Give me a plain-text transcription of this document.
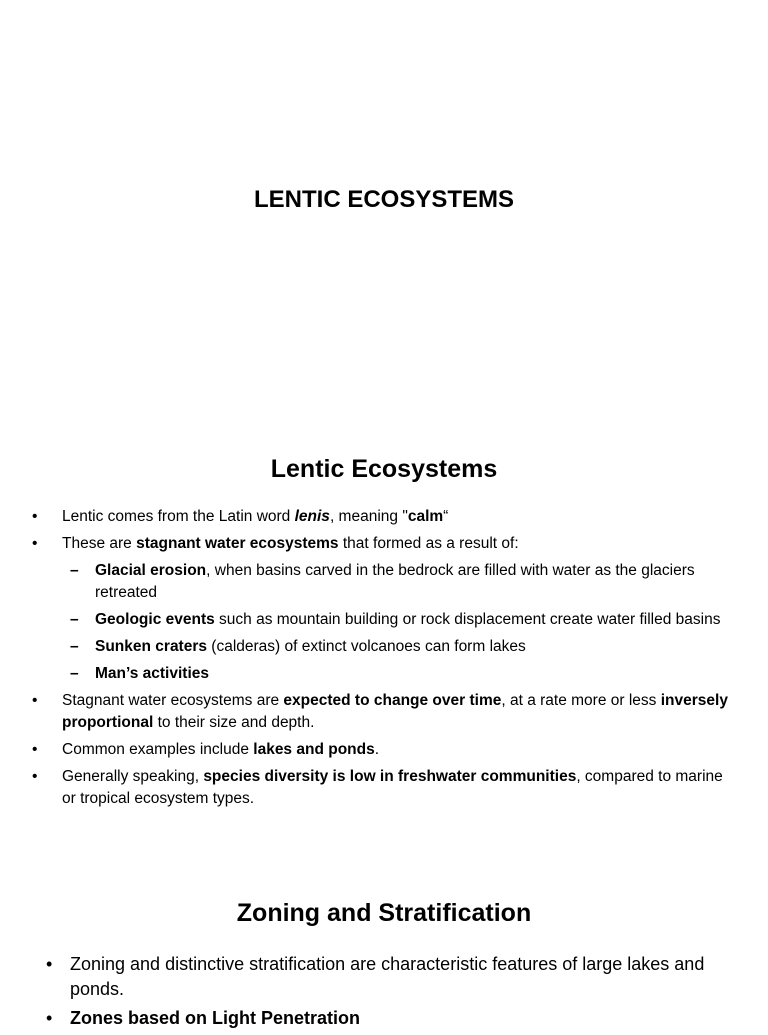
LENTIC ECOSYSTEMS
Lentic Ecosystems
• Lentic comes from the Latin word lenis, meaning "calm“
• These are stagnant water ecosystems that formed as a result of:
– Glacial erosion, when basins carved in the bedrock are filled with water as the glaciers retreated
– Geologic events such as mountain building or rock displacement create water filled basins
– Sunken craters (calderas) of extinct volcanoes can form lakes
– Man’s activities
• Stagnant water ecosystems are expected to change over time, at a rate more or less inversely proportional to their size and depth.
• Common examples include lakes and ponds.
• Generally speaking, species diversity is low in freshwater communities, compared to marine or tropical ecosystem types.
Zoning and Stratification
• Zoning and distinctive stratification are characteristic features of large lakes and ponds.
• Zones based on Light Penetration
